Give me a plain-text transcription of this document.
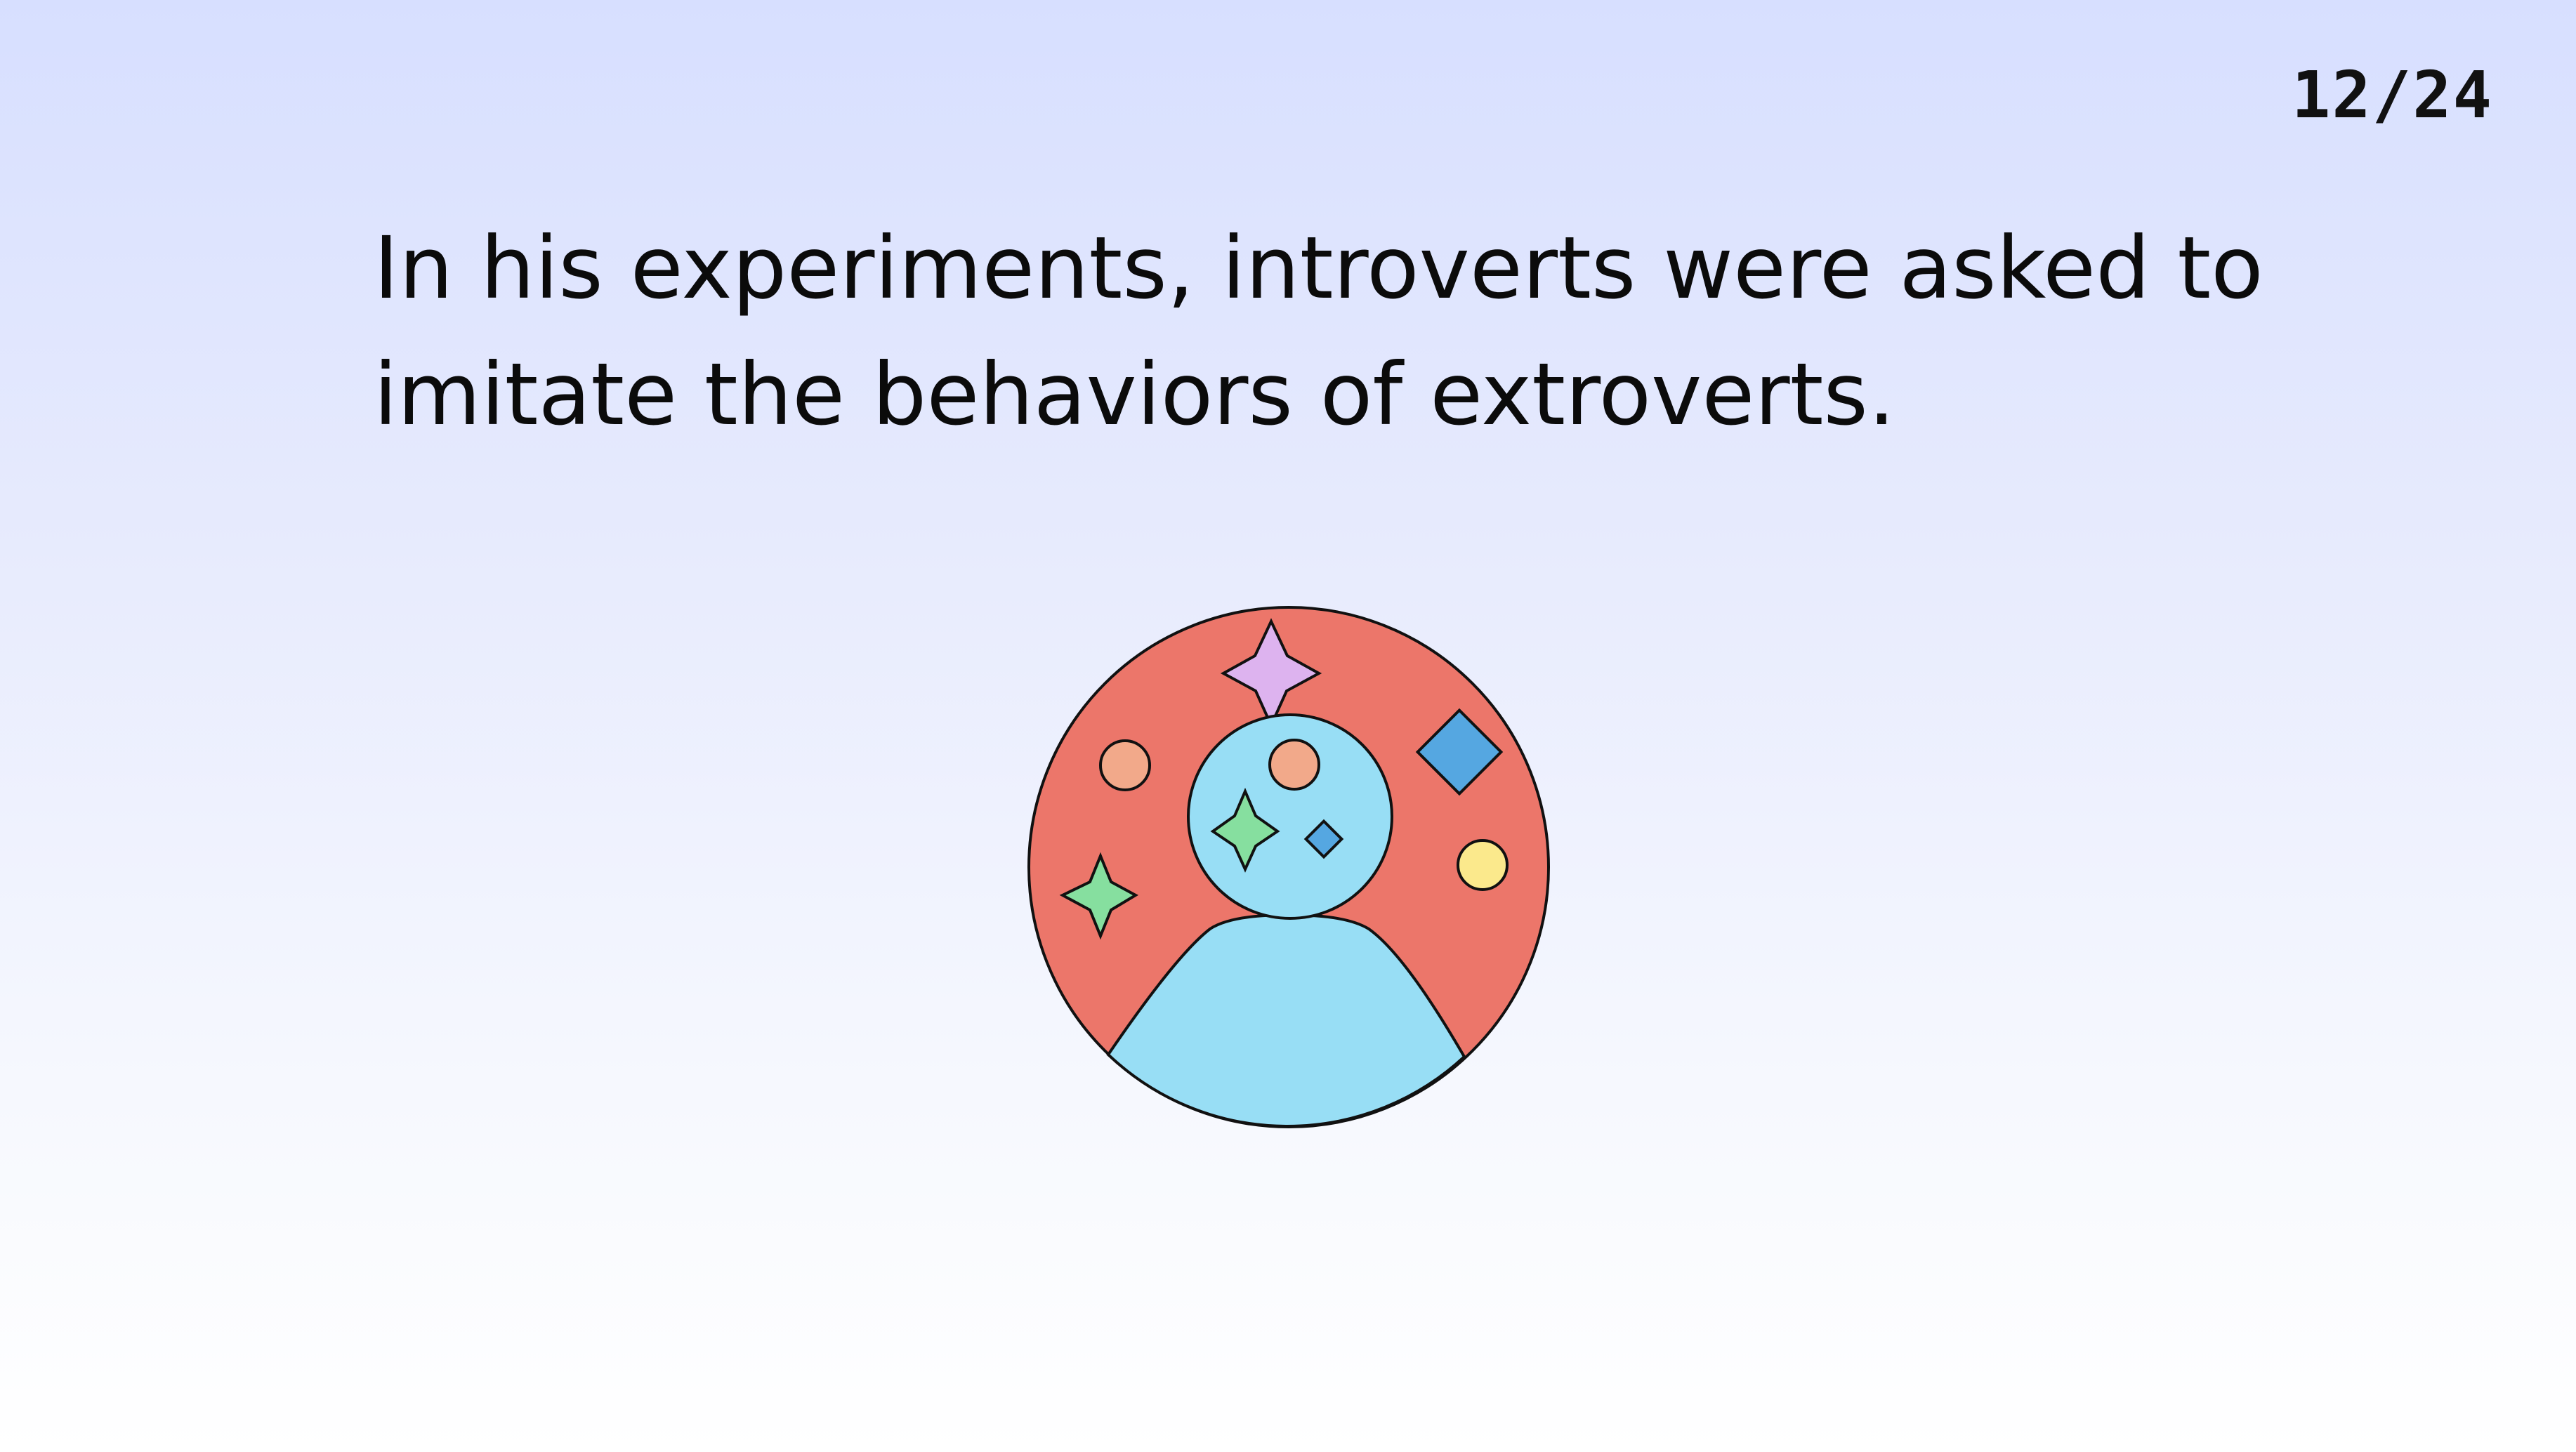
12/24

In his experiments, introverts were asked to imitate the behaviors of extroverts.
